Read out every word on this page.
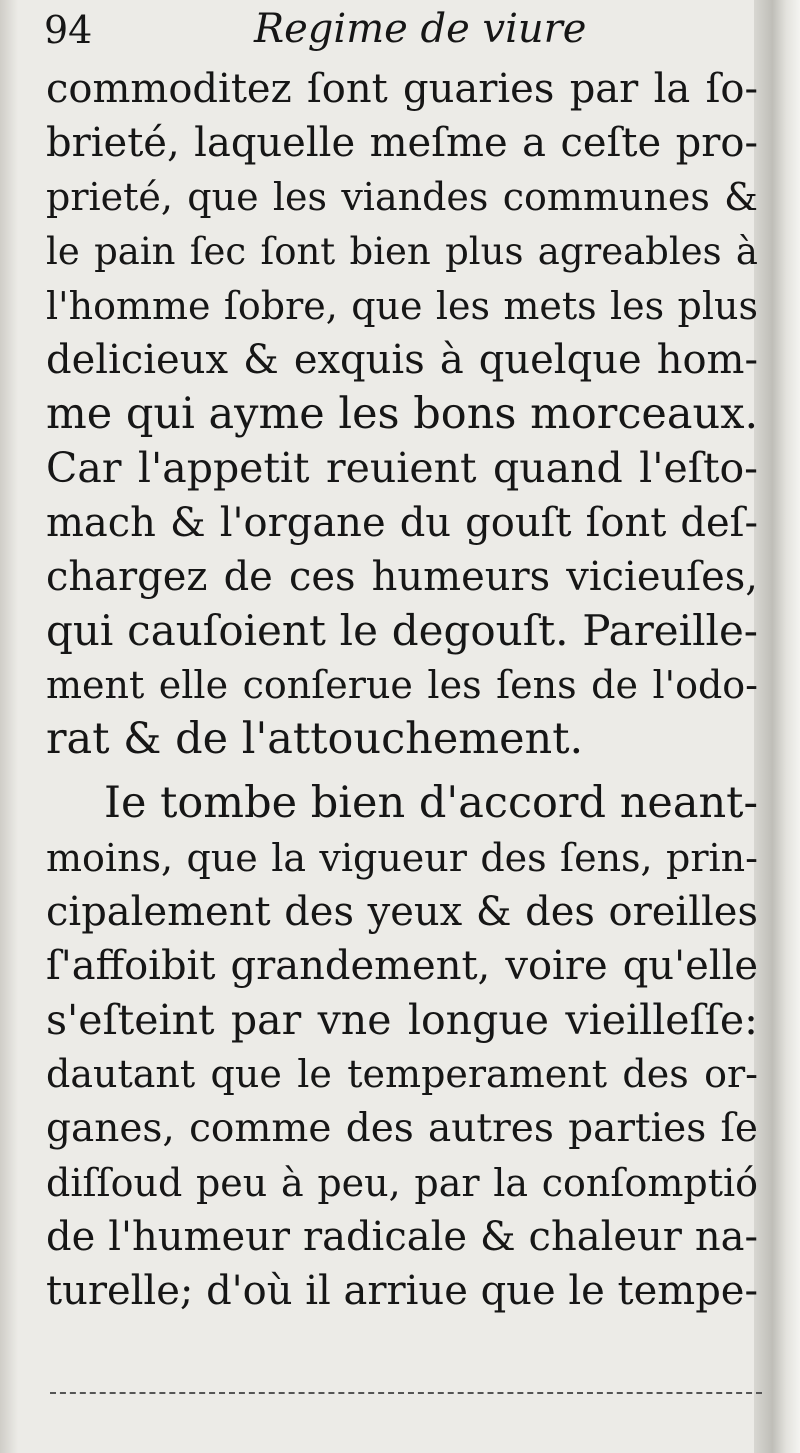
94	Regime de viure
commoditez ſont guaries par la ſo-
brieté, laquelle meſme a ceſte pro-
prieté, que les viandes communes &
le pain ſec ſont bien plus agreables à
l'homme ſobre, que les mets les plus
delicieux & exquis à quelque hom-
me qui ayme les bons morceaux.
Car l'appetit reuient quand l'eſto-
mach & l'organe du gouſt ſont deſ-
chargez de ces humeurs vicieuſes,
qui cauſoient le degouſt. Pareille-
ment elle conſerue les ſens de l'odo-
rat & de l'attouchement.
Ie tombe bien d'accord neant-
moins, que la vigueur des ſens, prin-
cipalement des yeux & des oreilles
ſ'affoibit grandement, voire qu'elle
s'eſteint par vne longue vieilleſſe:
dautant que le temperament des or-
ganes, comme des autres parties ſe
diſſoud peu à peu, par la conſomptió
de l'humeur radicale & chaleur na-
turelle; d'où il arriue que le tempe-
